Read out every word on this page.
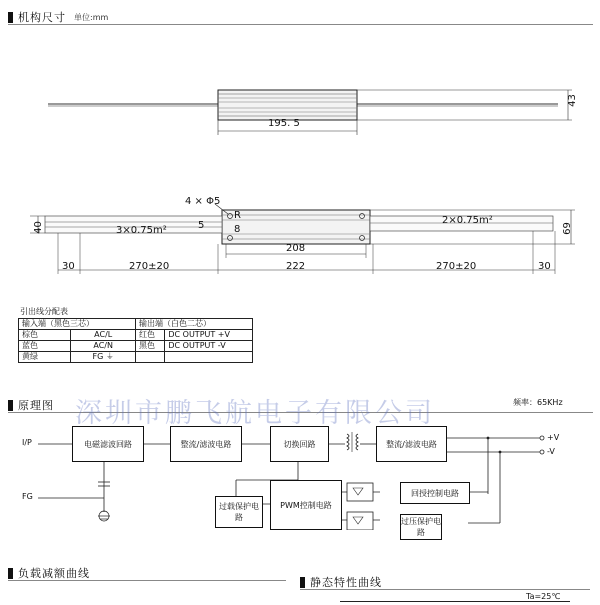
机构尺寸 单位:mm
195. 5
43
4 × Φ5
R
5	8
40	69
3×0.75m²
2×0.75m²
208
222
30	270±20	270±20	30
引出线分配表
输入端（黑色三芯）		输出端（白色二芯）	
棕色	AC/L	红色	DC OUTPUT +V
蓝色	AC/N	黑色	DC OUTPUT -V
黄绿	FG ⏚		
原理图	频率：65KHz
I/P
FG
+V
-V
电磁滤波回路	整流/滤波电路	切换回路	整流/滤波电路
过载保护电路
PWM控制电路
回授控制电路
过压保护电路
深圳市鹏飞航电子有限公司
负载减额曲线
静态特性曲线
Ta=25℃
